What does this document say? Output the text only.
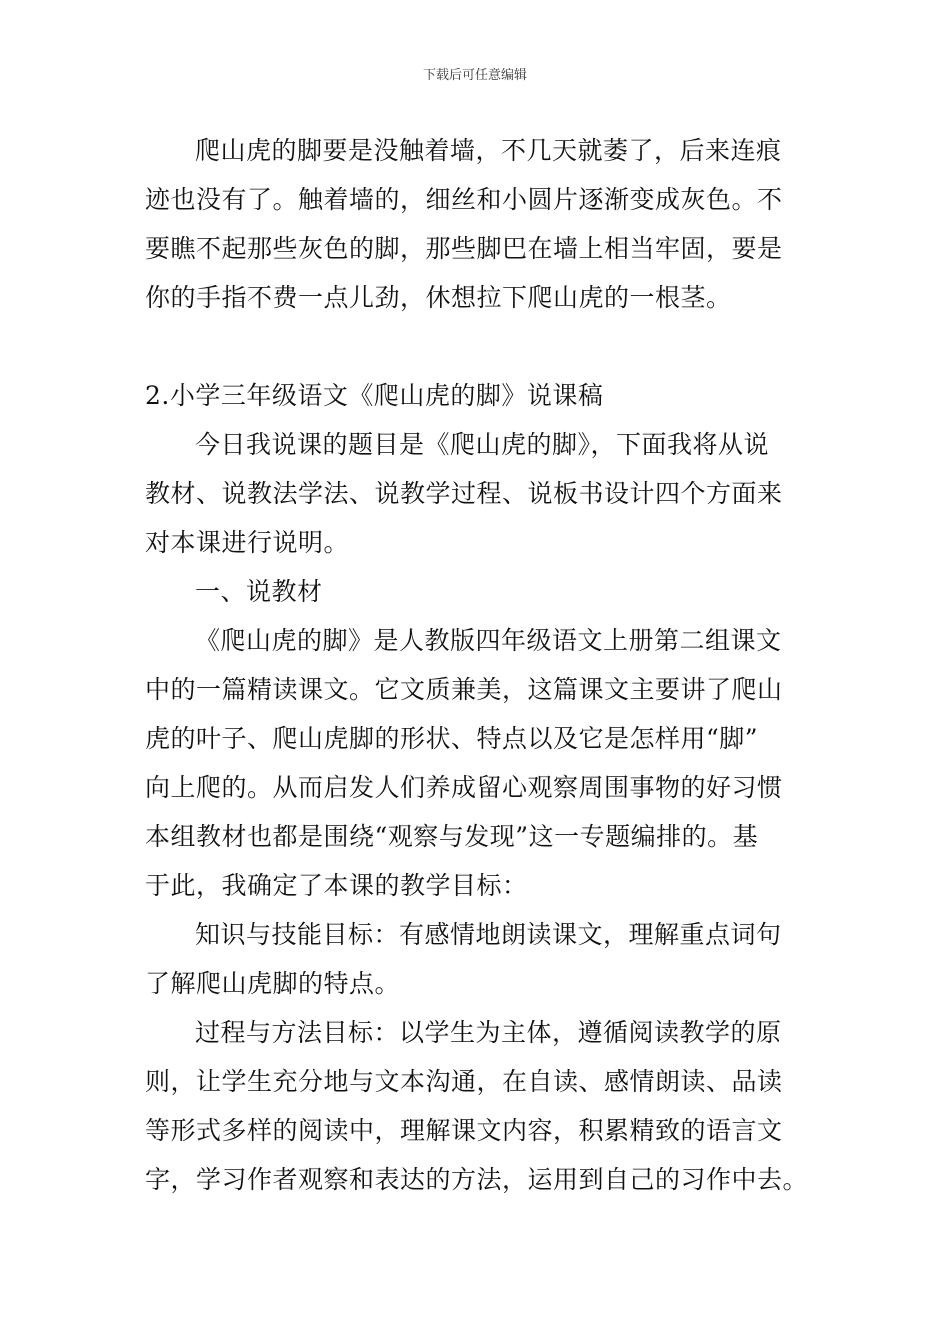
下载后可任意编辑
爬山虎的脚要是没触着墙，不几天就萎了，后来连痕
迹也没有了。触着墙的，细丝和小圆片逐渐变成灰色。不
要瞧不起那些灰色的脚，那些脚巴在墙上相当牢固，要是
你的手指不费一点儿劲，休想拉下爬山虎的一根茎。
2.小学三年级语文《爬山虎的脚》说课稿
今日我说课的题目是《爬山虎的脚》，下面我将从说
教材、说教法学法、说教学过程、说板书设计四个方面来
对本课进行说明。
一、说教材
《爬山虎的脚》是人教版四年级语文上册第二组课文
中的一篇精读课文。它文质兼美，这篇课文主要讲了爬山
虎的叶子、爬山虎脚的形状、特点以及它是怎样用“脚”
向上爬的。从而启发人们养成留心观察周围事物的好习惯
本组教材也都是围绕“观察与发现”这一专题编排的。基
于此，我确定了本课的教学目标：
知识与技能目标：有感情地朗读课文，理解重点词句
了解爬山虎脚的特点。
过程与方法目标：以学生为主体，遵循阅读教学的原
则，让学生充分地与文本沟通，在自读、感情朗读、品读
等形式多样的阅读中，理解课文内容，积累精致的语言文
字，学习作者观察和表达的方法，运用到自己的习作中去。
